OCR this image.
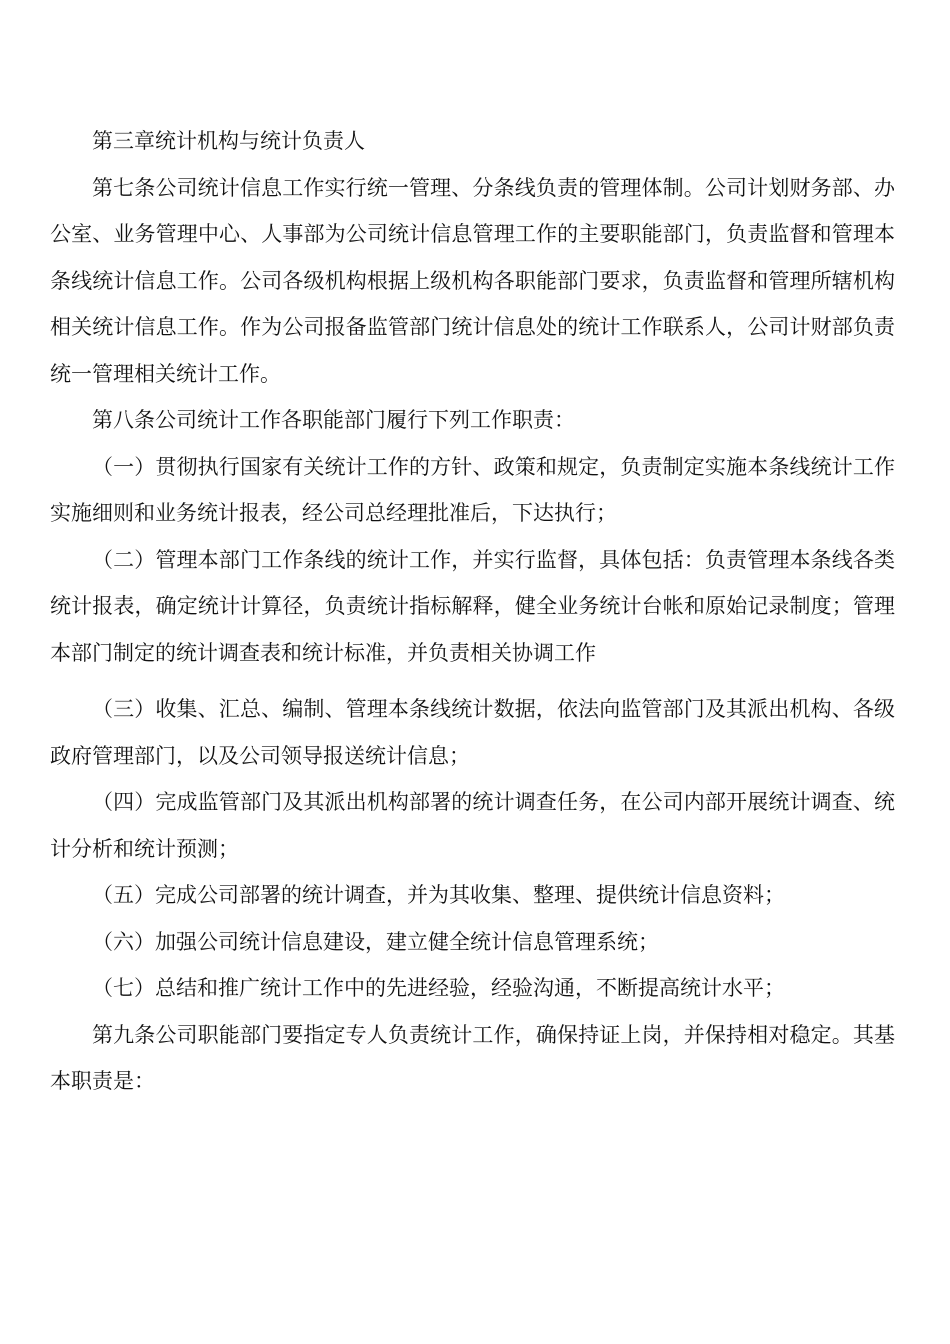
第三章统计机构与统计负责人

第七条公司统计信息工作实行统一管理、分条线负责的管理体制。公司计划财务部、办公室、业务管理中心、人事部为公司统计信息管理工作的主要职能部门，负责监督和管理本条线统计信息工作。公司各级机构根据上级机构各职能部门要求，负责监督和管理所辖机构相关统计信息工作。作为公司报备监管部门统计信息处的统计工作联系人，公司计财部负责统一管理相关统计工作。

第八条公司统计工作各职能部门履行下列工作职责：

（一）贯彻执行国家有关统计工作的方针、政策和规定，负责制定实施本条线统计工作实施细则和业务统计报表，经公司总经理批准后，下达执行；

（二）管理本部门工作条线的统计工作，并实行监督，具体包括：负责管理本条线各类统计报表，确定统计计算径，负责统计指标解释，健全业务统计台帐和原始记录制度；管理本部门制定的统计调查表和统计标准，并负责相关协调工作

（三）收集、汇总、编制、管理本条线统计数据，依法向监管部门及其派出机构、各级政府管理部门，以及公司领导报送统计信息；

（四）完成监管部门及其派出机构部署的统计调查任务，在公司内部开展统计调查、统计分析和统计预测；

（五）完成公司部署的统计调查，并为其收集、整理、提供统计信息资料；

（六）加强公司统计信息建设，建立健全统计信息管理系统；

（七）总结和推广统计工作中的先进经验，经验沟通，不断提高统计水平；

第九条公司职能部门要指定专人负责统计工作，确保持证上岗，并保持相对稳定。其基本职责是：
